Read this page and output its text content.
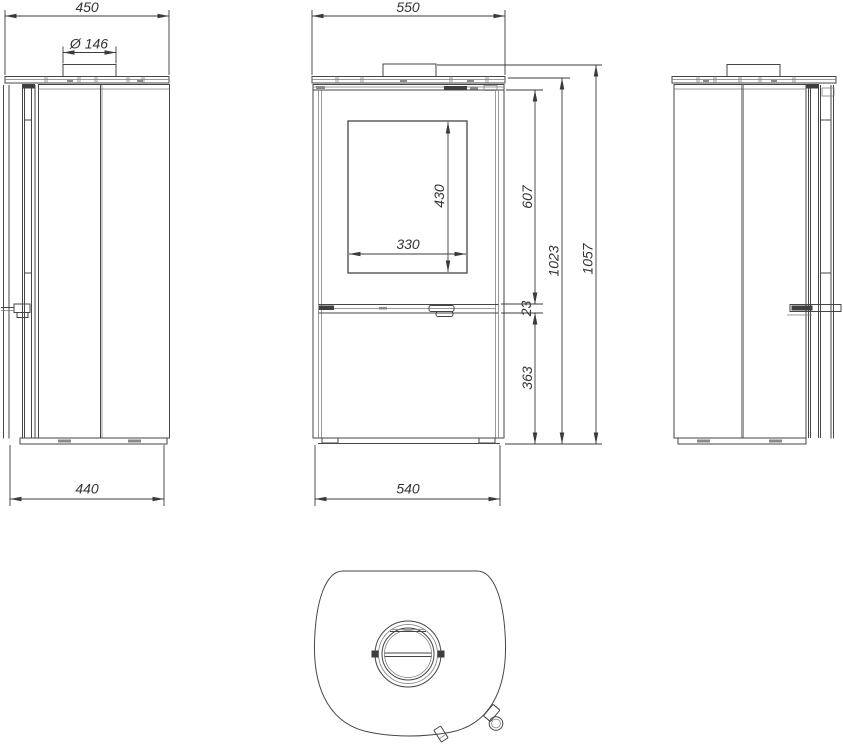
450
Ø 146
550
430
330
607
23
363
1023 1057
440	540
